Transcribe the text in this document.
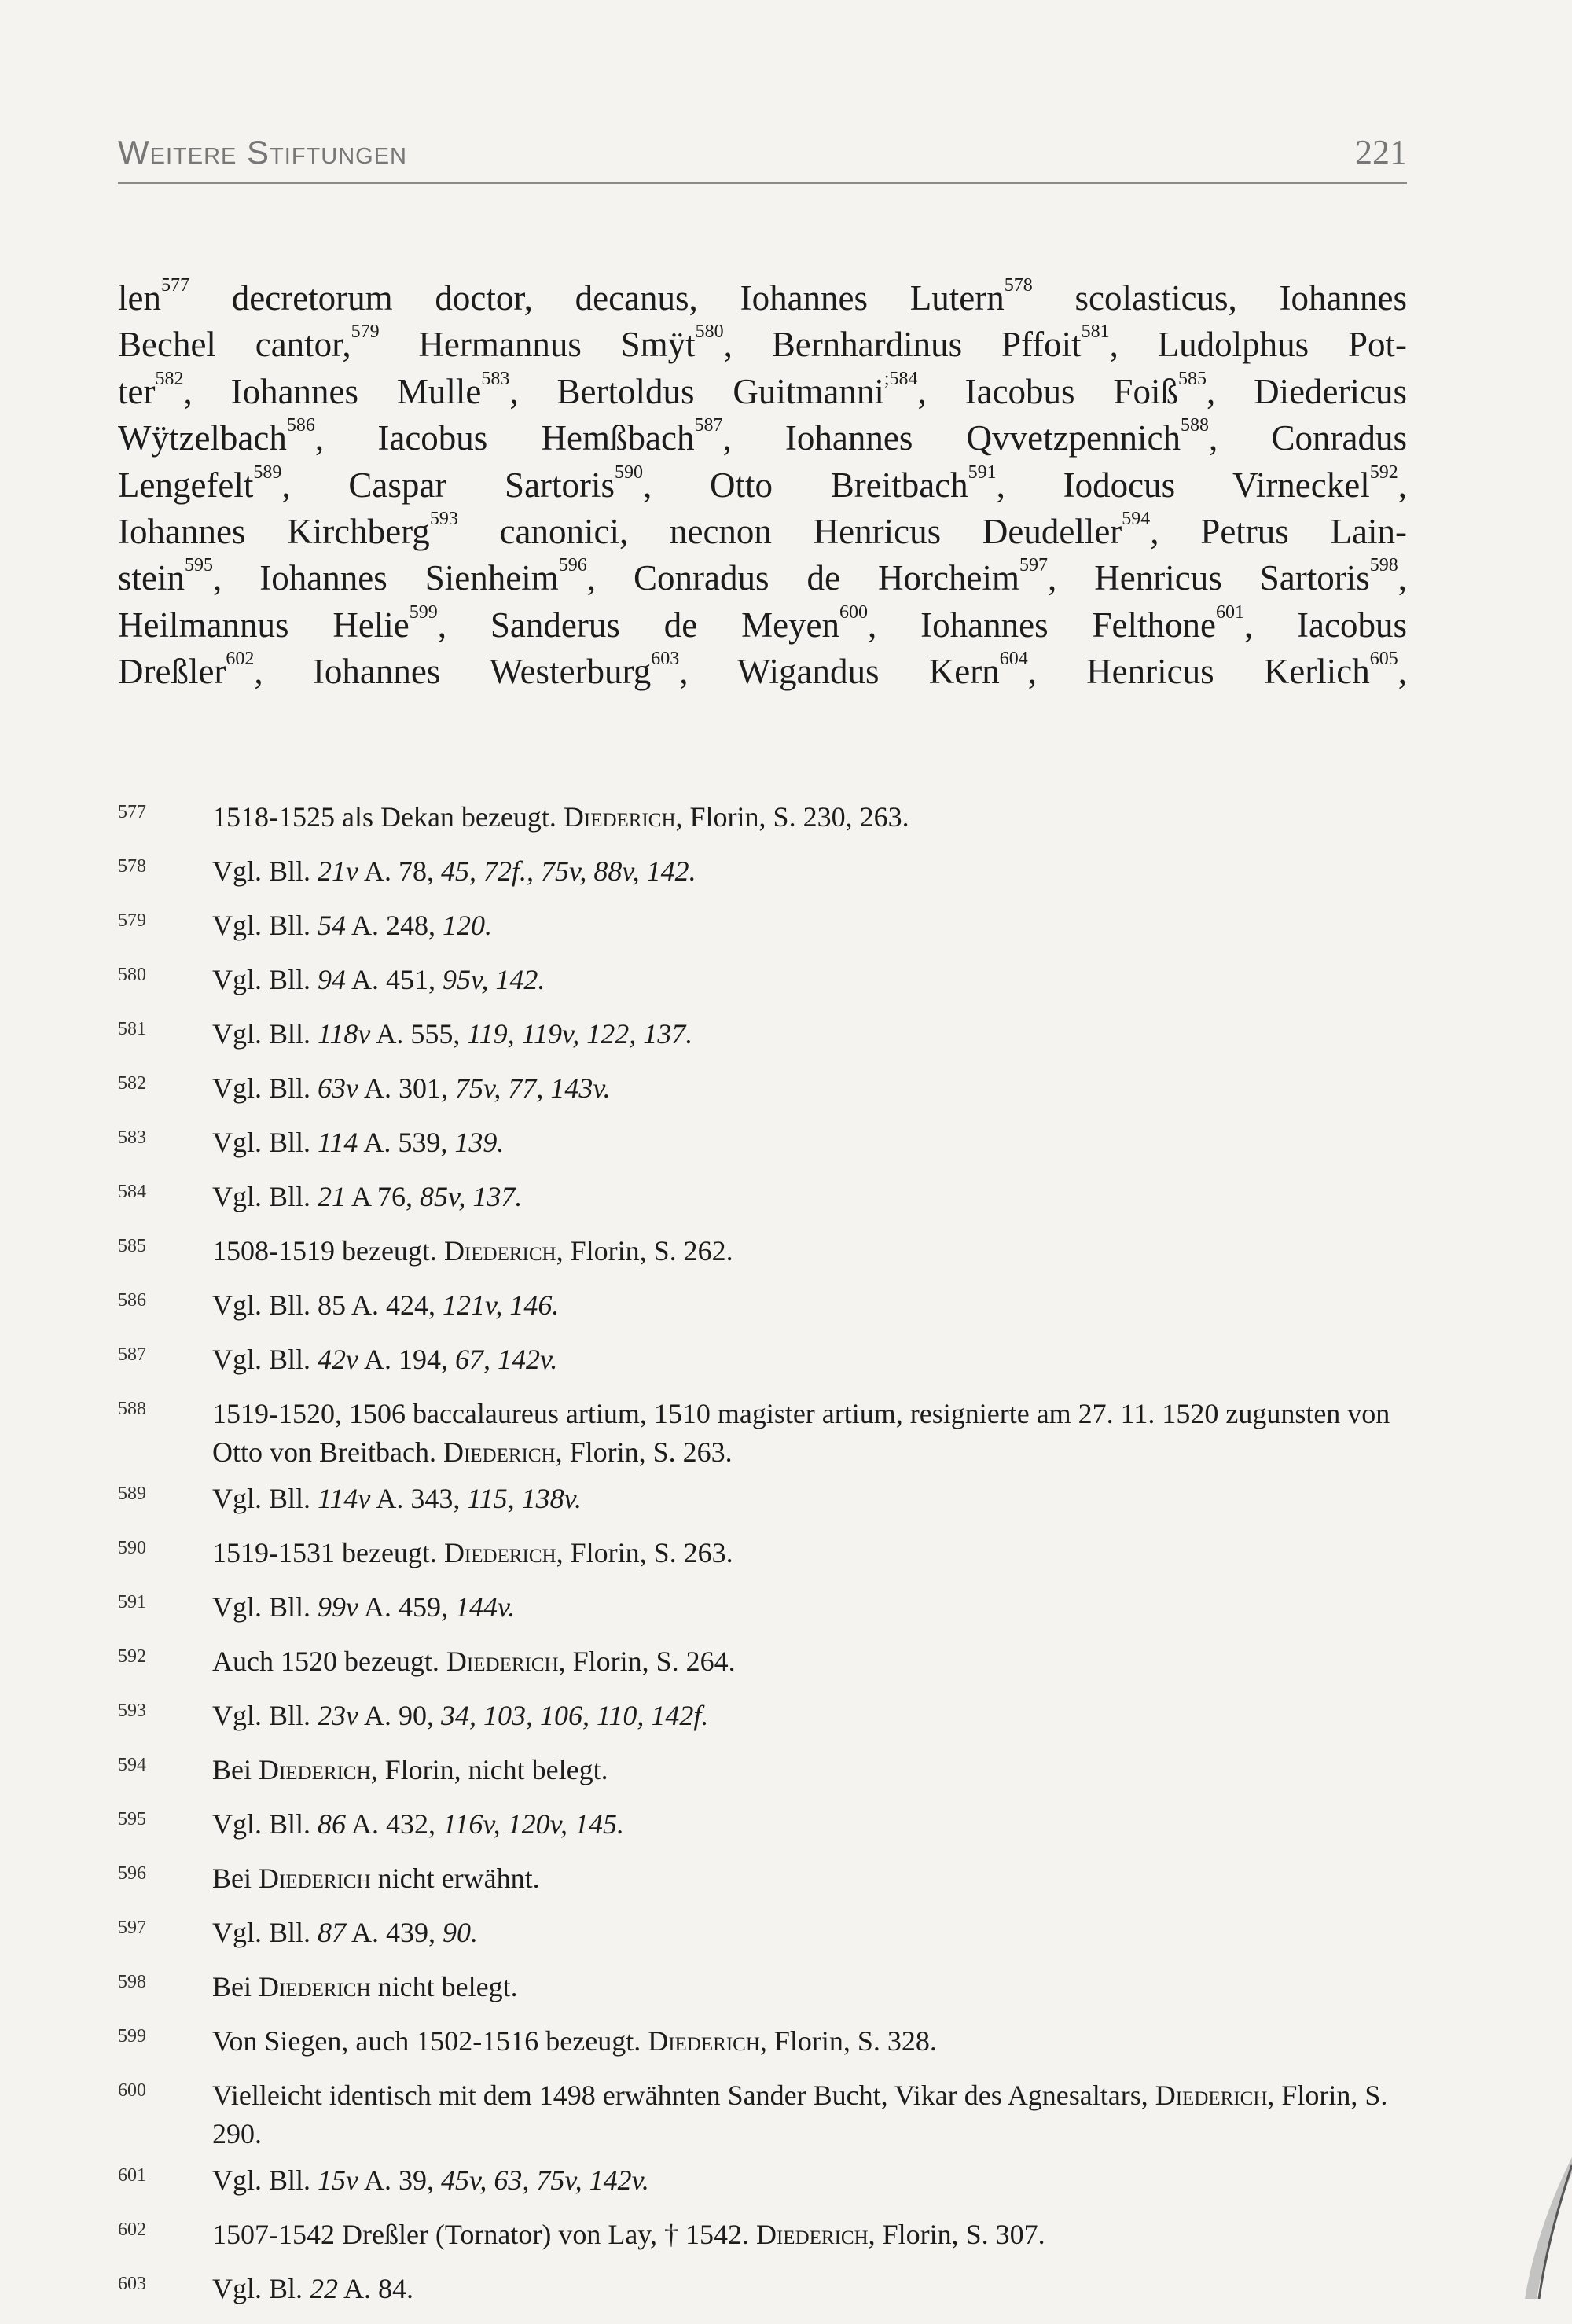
Weitere Stiftungen	221
len$^{577}$ decretorum doctor, decanus, Iohannes Lutern$^{578}$ scolasticus, Iohannes
Bechel cantor,$^{579}$ Hermannus Smÿt$^{580}$, Bernhardinus Pffoit$^{581}$, Ludolphus Pot-
ter$^{582}$, Iohannes Mulle$^{583}$, Bertoldus Guitmanni$^{;584}$, Iacobus Foiß$^{585}$, Diedericus
Wÿtzelbach$^{586}$, Iacobus Hemßbach$^{587}$, Iohannes Qvvetzpennich$^{588}$, Conradus
Lengefelt$^{589}$, Caspar Sartoris$^{590}$, Otto Breitbach$^{591}$, Iodocus Virneckel$^{592}$,
Iohannes Kirchberg$^{593}$ canonici, necnon Henricus Deudeller$^{594}$, Petrus Lain-
stein$^{595}$, Iohannes Sienheim$^{596}$, Conradus de Horcheim$^{597}$, Henricus Sartoris$^{598}$,
Heilmannus Helie$^{599}$, Sanderus de Meyen$^{600}$, Iohannes Felthone$^{601}$, Iacobus
Dreßler$^{602}$, Iohannes Westerburg$^{603}$, Wigandus Kern$^{604}$, Henricus Kerlich$^{605}$,
577 1518-1525 als Dekan bezeugt. Diederich, Florin, S. 230, 263.
578 Vgl. Bll. 21v A. 78, 45, 72f., 75v, 88v, 142.
579 Vgl. Bll. 54 A. 248, 120.
580 Vgl. Bll. 94 A. 451, 95v, 142.
581 Vgl. Bll. 118v A. 555, 119, 119v, 122, 137.
582 Vgl. Bll. 63v A. 301, 75v, 77, 143v.
583 Vgl. Bll. 114 A. 539, 139.
584 Vgl. Bll. 21 A 76, 85v, 137.
585 1508-1519 bezeugt. Diederich, Florin, S. 262.
586 Vgl. Bll. 85 A. 424, 121v, 146.
587 Vgl. Bll. 42v A. 194, 67, 142v.
588 1519-1520, 1506 baccalaureus artium, 1510 magister artium, resignierte am 27. 11. 1520 zugunsten von Otto von Breitbach. Diederich, Florin, S. 263.
589 Vgl. Bll. 114v A. 343, 115, 138v.
590 1519-1531 bezeugt. Diederich, Florin, S. 263.
591 Vgl. Bll. 99v A. 459, 144v.
592 Auch 1520 bezeugt. Diederich, Florin, S. 264.
593 Vgl. Bll. 23v A. 90, 34, 103, 106, 110, 142f.
594 Bei Diederich, Florin, nicht belegt.
595 Vgl. Bll. 86 A. 432, 116v, 120v, 145.
596 Bei Diederich nicht erwähnt.
597 Vgl. Bll. 87 A. 439, 90.
598 Bei Diederich nicht belegt.
599 Von Siegen, auch 1502-1516 bezeugt. Diederich, Florin, S. 328.
600 Vielleicht identisch mit dem 1498 erwähnten Sander Bucht, Vikar des Agnesaltars, Diederich, Florin, S. 290.
601 Vgl. Bll. 15v A. 39, 45v, 63, 75v, 142v.
602 1507-1542 Dreßler (Tornator) von Lay, † 1542. Diederich, Florin, S. 307.
603 Vgl. Bl. 22 A. 84.
